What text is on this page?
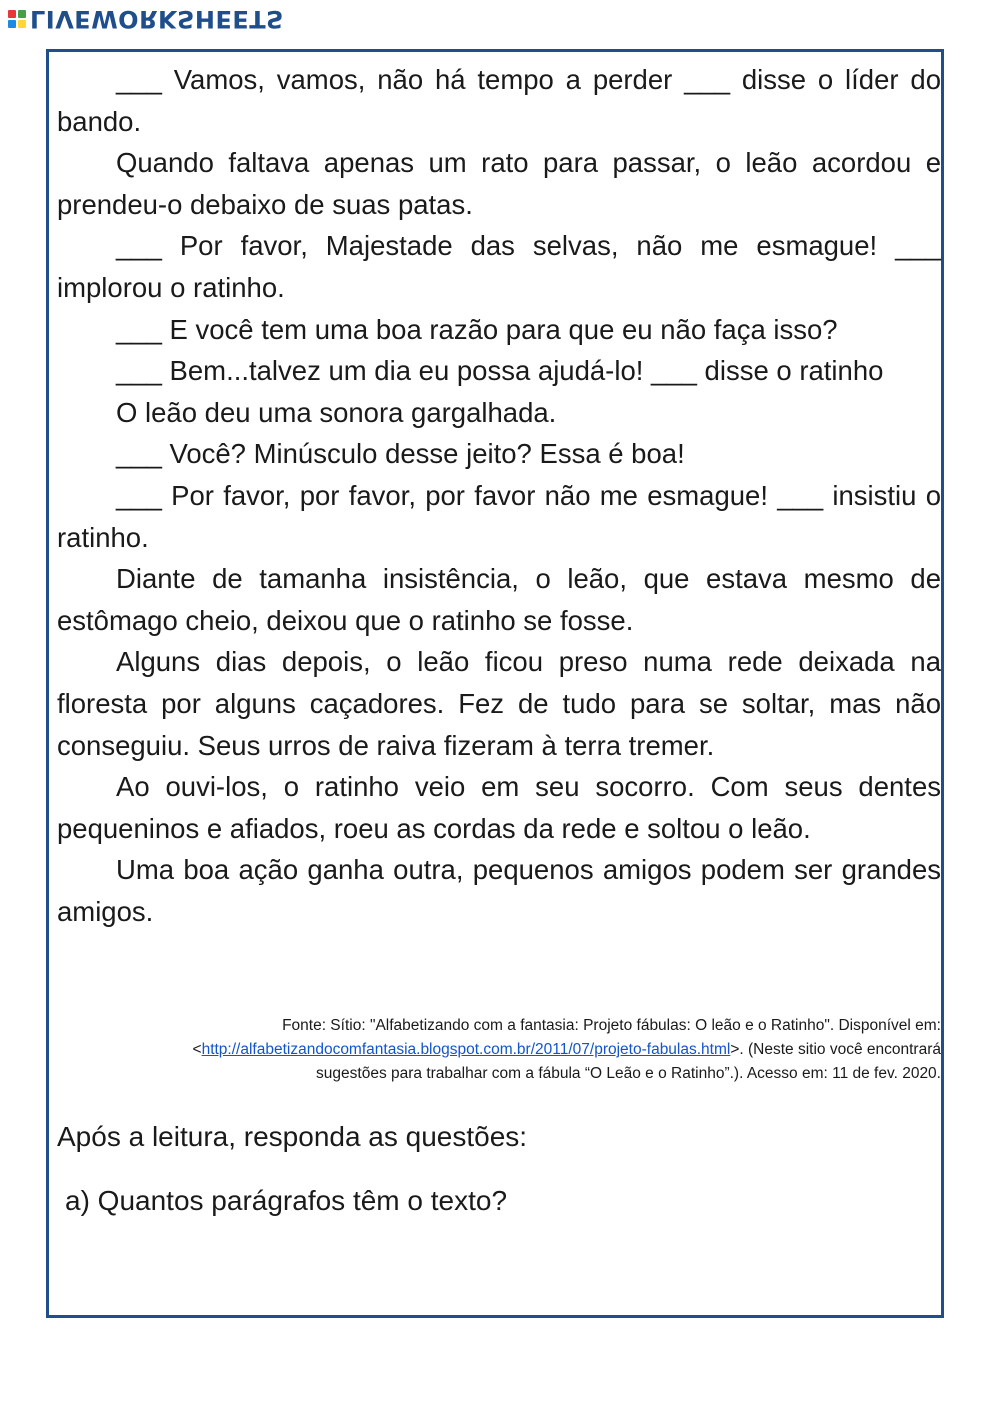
LIVEWORKSHEETS

___ Vamos, vamos, não há tempo a perder ___ disse o líder do bando.

Quando faltava apenas um rato para passar, o leão acordou e prendeu-o debaixo de suas patas.

___ Por favor, Majestade das selvas, não me esmague! ___ implorou o ratinho.

___ E você tem uma boa razão para que eu não faça isso?

___ Bem...talvez um dia eu possa ajudá-lo! ___ disse o ratinho

O leão deu uma sonora gargalhada.

___ Você? Minúsculo desse jeito? Essa é boa!

___ Por favor, por favor, por favor não me esmague! ___ insistiu o ratinho.

Diante de tamanha insistência, o leão, que estava mesmo de estômago cheio, deixou que o ratinho se fosse.

Alguns dias depois, o leão ficou preso numa rede deixada na floresta por alguns caçadores. Fez de tudo para se soltar, mas não conseguiu. Seus urros de raiva fizeram à terra tremer.

Ao ouvi-los, o ratinho veio em seu socorro. Com seus dentes pequeninos e afiados, roeu as cordas da rede e soltou o leão.

Uma boa ação ganha outra, pequenos amigos podem ser grandes amigos.

Fonte: Sítio: "Alfabetizando com a fantasia: Projeto fábulas: O leão e o Ratinho". Disponível em:
<http://alfabetizandocomfantasia.blogspot.com.br/2011/07/projeto-fabulas.html>. (Neste sitio você encontrará
sugestões para trabalhar com a fábula “O Leão e o Ratinho”.). Acesso em: 11 de fev. 2020.
Após a leitura, responda as questões:
a) Quantos parágrafos têm o texto?
